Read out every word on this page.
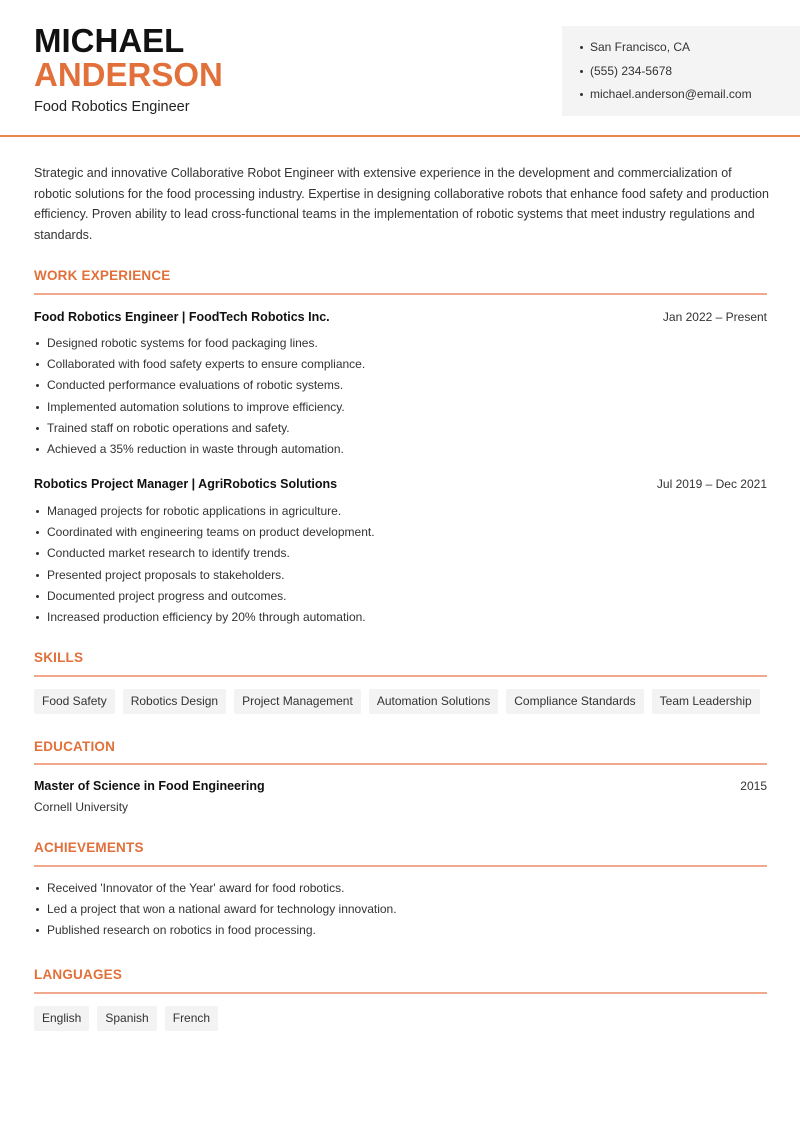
MICHAEL
ANDERSON
Food Robotics Engineer
San Francisco, CA
(555) 234-5678
michael.anderson@email.com

Strategic and innovative Collaborative Robot Engineer with extensive experience in the development and commercialization of robotic solutions for the food processing industry. Expertise in designing collaborative robots that enhance food safety and production efficiency. Proven ability to lead cross-functional teams in the implementation of robotic systems that meet industry regulations and standards.

WORK EXPERIENCE
Food Robotics Engineer | FoodTech Robotics Inc.	Jan 2022 – Present
Designed robotic systems for food packaging lines.
Collaborated with food safety experts to ensure compliance.
Conducted performance evaluations of robotic systems.
Implemented automation solutions to improve efficiency.
Trained staff on robotic operations and safety.
Achieved a 35% reduction in waste through automation.
Robotics Project Manager | AgriRobotics Solutions	Jul 2019 – Dec 2021
Managed projects for robotic applications in agriculture.
Coordinated with engineering teams on product development.
Conducted market research to identify trends.
Presented project proposals to stakeholders.
Documented project progress and outcomes.
Increased production efficiency by 20% through automation.
SKILLS
Food Safety	Robotics Design	Project Management	Automation Solutions	Compliance Standards	Team Leadership
EDUCATION
Master of Science in Food Engineering	2015
Cornell University
ACHIEVEMENTS
Received 'Innovator of the Year' award for food robotics.
Led a project that won a national award for technology innovation.
Published research on robotics in food processing.
LANGUAGES
English	Spanish	French
